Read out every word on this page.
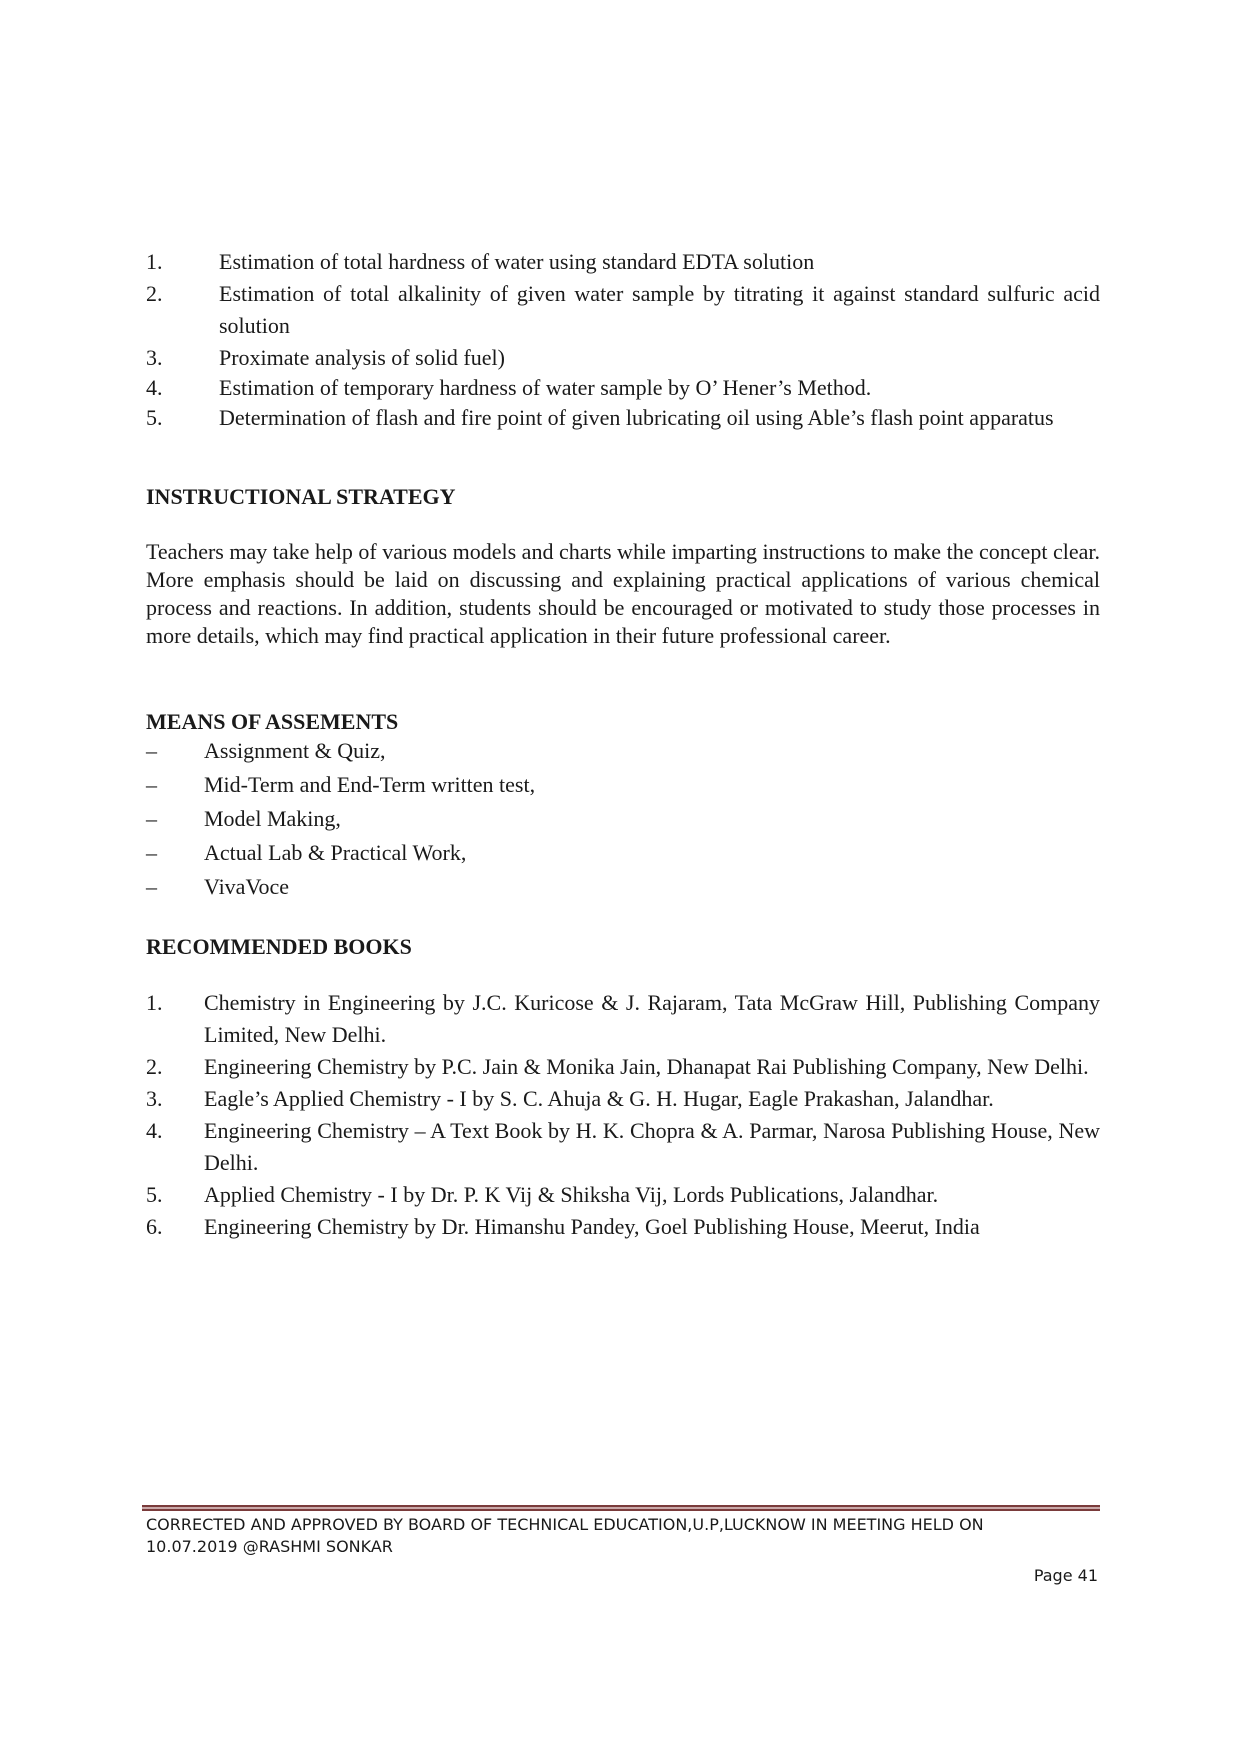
1.	Estimation of total hardness of water using standard EDTA solution
2.	Estimation of total alkalinity of given water sample by titrating it against standard sulfuric acid solution
3.	Proximate analysis of solid fuel)
4.	Estimation of temporary hardness of water sample by O’ Hener’s Method.
5.	Determination of flash and fire point of given lubricating oil using Able’s flash point apparatus
INSTRUCTIONAL STRATEGY

Teachers may take help of various models and charts while imparting instructions to make the concept clear. More emphasis should be laid on discussing and explaining practical applications of various chemical process and reactions. In addition, students should be encouraged or motivated to study those processes in more details, which may find practical application in their future professional career.

MEANS OF ASSEMENTS
–	Assignment & Quiz,
–	Mid-Term and End-Term written test,
–	Model Making,
–	Actual Lab & Practical Work,
–	VivaVoce
RECOMMENDED BOOKS
1.	Chemistry in Engineering by J.C. Kuricose & J. Rajaram, Tata McGraw Hill, Publishing Company Limited, New Delhi.
2.	Engineering Chemistry by P.C. Jain & Monika Jain, Dhanapat Rai Publishing Company, New Delhi.
3.	Eagle’s Applied Chemistry - I by S. C. Ahuja & G. H. Hugar, Eagle Prakashan, Jalandhar.
4.	Engineering Chemistry – A Text Book by H. K. Chopra & A. Parmar, Narosa Publishing House, New Delhi.
5.	Applied Chemistry - I by Dr. P. K Vij & Shiksha Vij, Lords Publications, Jalandhar.
6.	Engineering Chemistry by Dr. Himanshu Pandey, Goel Publishing House, Meerut, India

CORRECTED AND APPROVED BY BOARD OF TECHNICAL EDUCATION,U.P,LUCKNOW IN MEETING HELD ON
10.07.2019 @RASHMI SONKAR

Page 41
